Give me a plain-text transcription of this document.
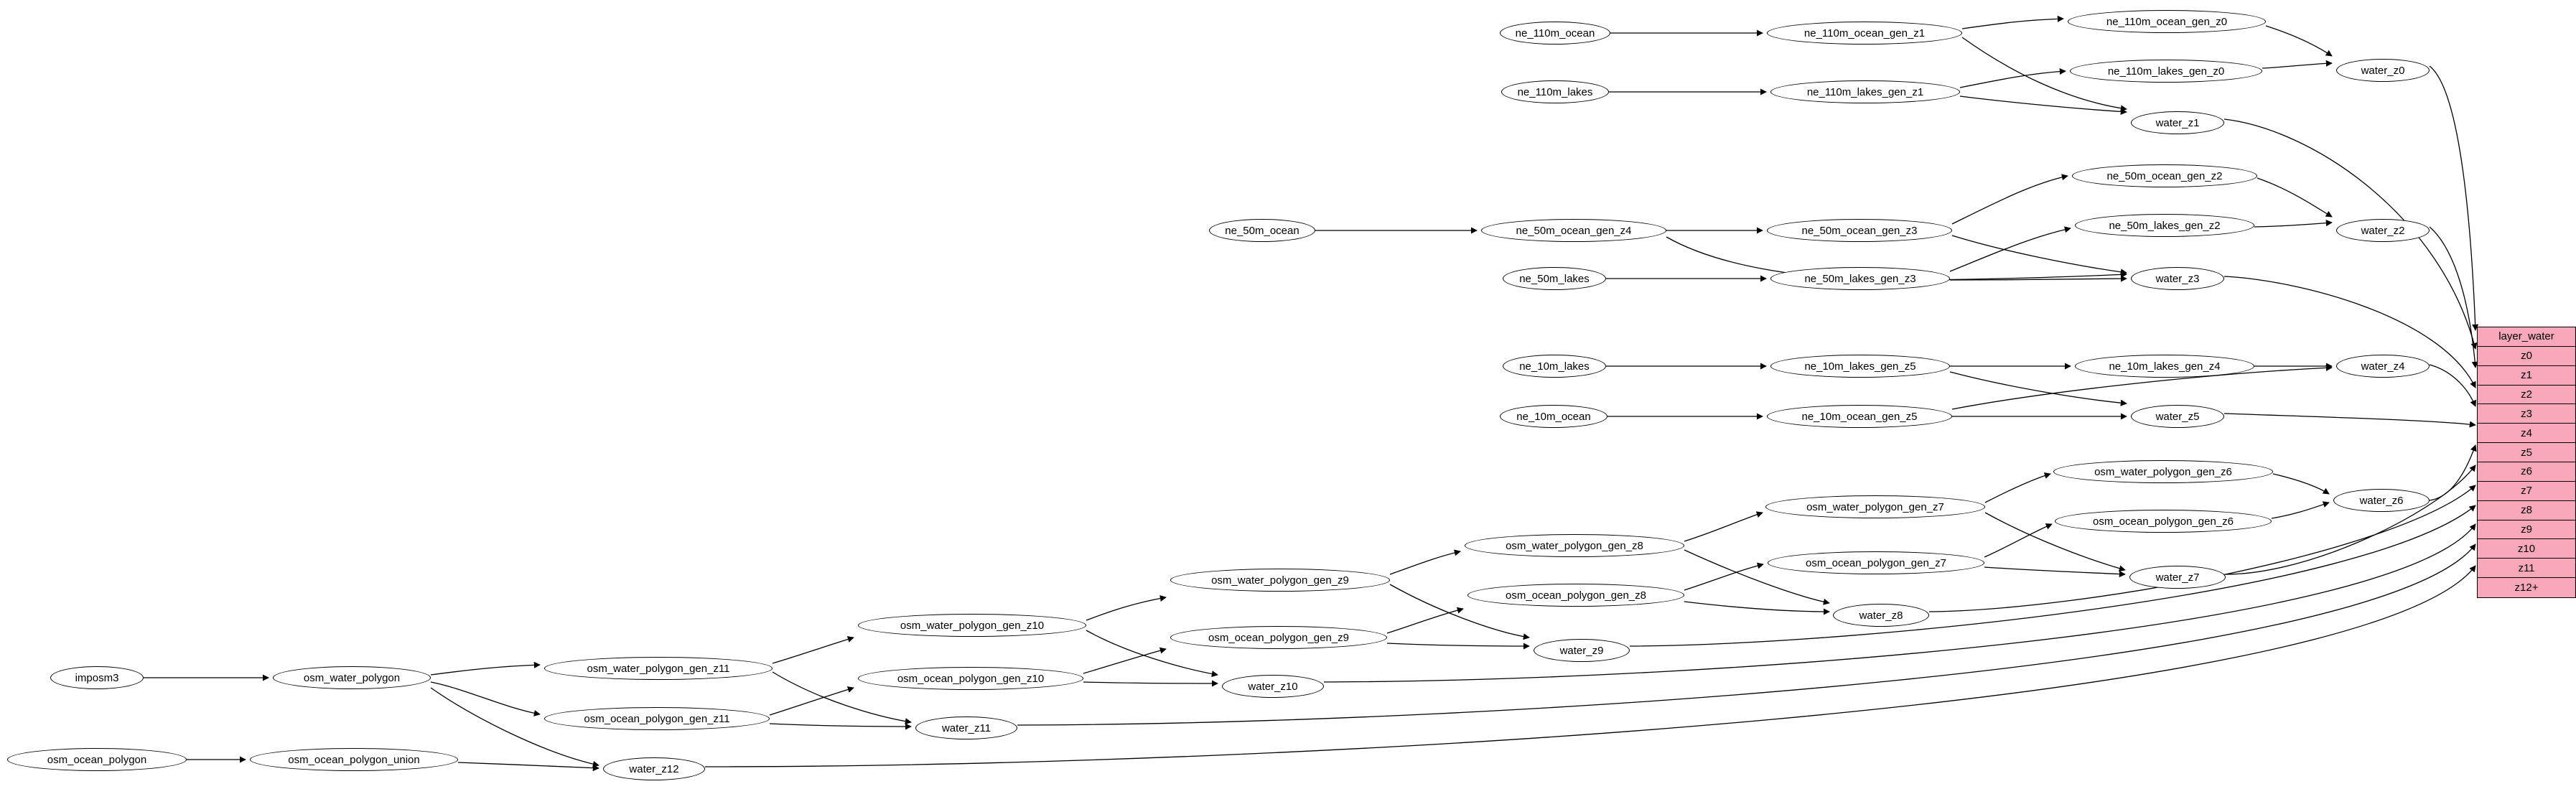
ne_110m_ocean	ne_110m_ocean_gen_z1
ne_110m_ocean_gen_z0
water_z0
ne_110m_lakes	ne_110m_lakes_gen_z1
ne_110m_lakes_gen_z0
water_z1
ne_50m_ocean	ne_50m_ocean_gen_z4	ne_50m_ocean_gen_z3
ne_50m_ocean_gen_z2
ne_50m_lakes_gen_z2	water_z2
ne_50m_lakes	ne_50m_lakes_gen_z3	water_z3
ne_10m_lakes	ne_10m_lakes_gen_z5	ne_10m_lakes_gen_z4	water_z4
ne_10m_ocean	ne_10m_ocean_gen_z5	water_z5
osm_water_polygon_gen_z6
osm_water_polygon_gen_z7
osm_ocean_polygon_gen_z6
water_z6
osm_water_polygon_gen_z8
osm_ocean_polygon_gen_z7
water_z7
osm_water_polygon_gen_z9
osm_ocean_polygon_gen_z8
water_z8
osm_water_polygon_gen_z10
osm_ocean_polygon_gen_z9
water_z9
osm_water_polygon_gen_z11
osm_ocean_polygon_gen_z10
water_z10
imposm3	osm_water_polygon
osm_ocean_polygon_gen_z11
water_z11
osm_ocean_polygon	osm_ocean_polygon_union
water_z12
layer_water
z0
z1
z2
z3
z4
z5
z6
z7
z8
z9
z10
z11
z12+
